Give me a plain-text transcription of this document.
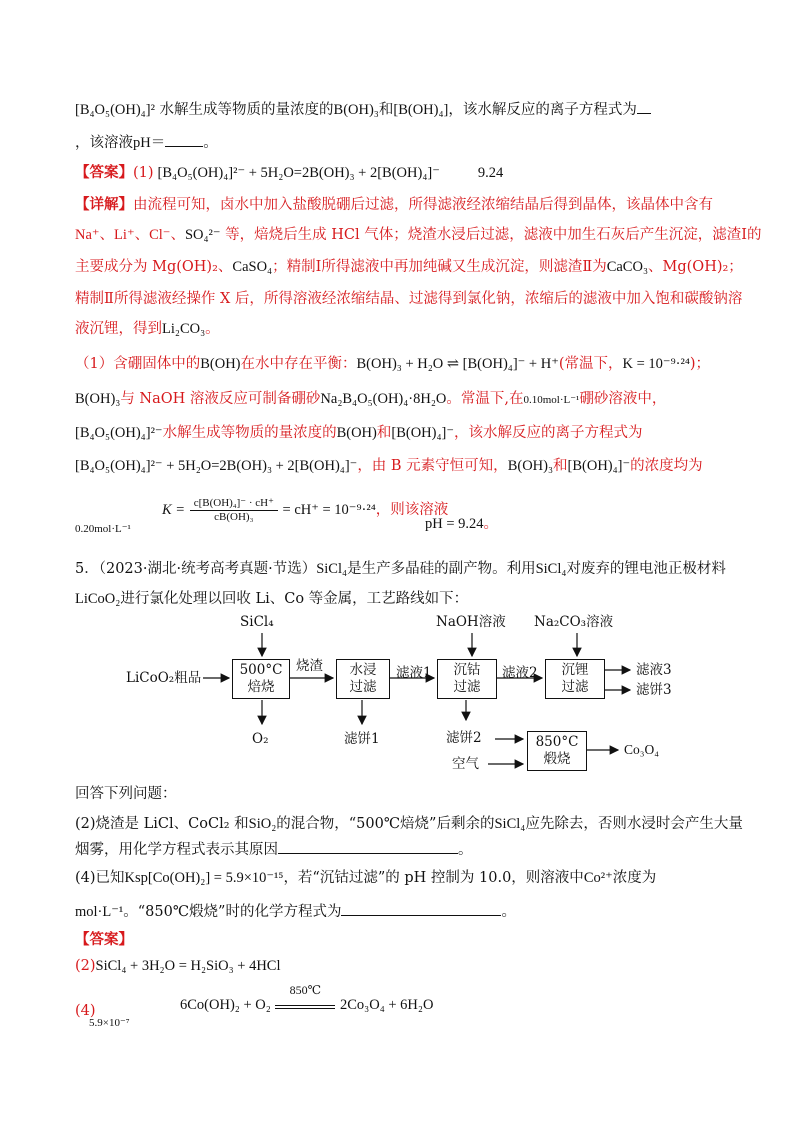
[B₄O₅(OH)₄]² 水解生成等物质的量浓度的B(OH)₃和[B(OH)₄]，该水解反应的离子方程式为
，该溶液pH＝	。
【答案】(1) [B₄O₅(OH)₄]²⁻ + 5H₂O=2B(OH)₃ + 2[B(OH)₄]⁻	9.24
【详解】由流程可知，卤水中加入盐酸脱硼后过滤，所得滤液经浓缩结晶后得到晶体，该晶体中含有
Na⁺、Li⁺、Cl⁻、SO₄²⁻ 等，焙烧后生成 HCl 气体；烧渣水浸后过滤，滤液中加生石灰后产生沉淀，滤渣Ⅰ的
主要成分为 Mg(OH)₂、CaSO₄；精制Ⅰ所得滤液中再加纯碱又生成沉淀，则滤渣Ⅱ为CaCO₃、Mg(OH)₂；
精制Ⅱ所得滤液经操作 X 后，所得溶液经浓缩结晶、过滤得到氯化钠，浓缩后的滤液中加入饱和碳酸钠溶
液沉锂，得到Li₂CO₃。
（1）含硼固体中的B(OH)在水中存在平衡：B(OH)₃ + H₂O ⇌ [B(OH)₄]⁻ + H⁺(常温下，K = 10⁻⁹·²⁴)；
B(OH)₃与 NaOH 溶液反应可制备硼砂Na₂B₄O₅(OH)₄·8H₂O。常温下,在0.10mol·L⁻¹硼砂溶液中，
[B₄O₅(OH)₄]²⁻水解生成等物质的量浓度的B(OH)和[B(OH)₄]⁻，该水解反应的离子方程式为
[B₄O₅(OH)₄]²⁻ + 5H₂O=2B(OH)₃ + 2[B(OH)₄]⁻，由 B 元素守恒可知，B(OH)₃和[B(OH)₄]⁻的浓度均为
$K = \frac{\text{c[B(OH)₄]⁻ · cH⁺}}{\text{cB(OH)₃}} = cH^+ = 10^{-9}\cdot^{24}$，则该溶液
0.20mol·L⁻¹	pH = 9.24。
5．（2023·湖北·统考高考真题·节选）SiCl₄是生产多晶硅的副产物。利用SiCl₄对废弃的锂电池正极材料
LiCoO₂进行氯化处理以回收 Li、Co 等金属，工艺路线如下：
SiCl₄	NaOH溶液 Na₂CO₃溶液
LiCoO₂粗品	500°C
焙烧
烧渣 水浸
过滤
滤液1 沉钴
过滤
滤液2 沉锂
过滤
滤液3
滤饼3
O₂	滤饼1	滤饼2
空气
850°C
煅烧
Co₃O₄
回答下列问题：
(2)烧渣是 LiCl、CoCl₂ 和SiO₂的混合物，“500℃焙烧”后剩余的SiCl₄应先除去，否则水浸时会产生大量
烟雾，用化学方程式表示其原因	。
(4)已知Ksp[Co(OH)₂] = 5.9×10⁻¹⁵，若“沉钴过滤”的 pH 控制为 10.0，则溶液中Co²⁺浓度为
mol·L⁻¹。“850℃煅烧”时的化学方程式为	。
【答案】
(2)SiCl₄ + 3H₂O = H₂SiO₃ + 4HCl
(4)
5.9×10⁻⁷
6Co(OH)₂ + O₂
850℃
2Co₃O₄ + 6H₂O
